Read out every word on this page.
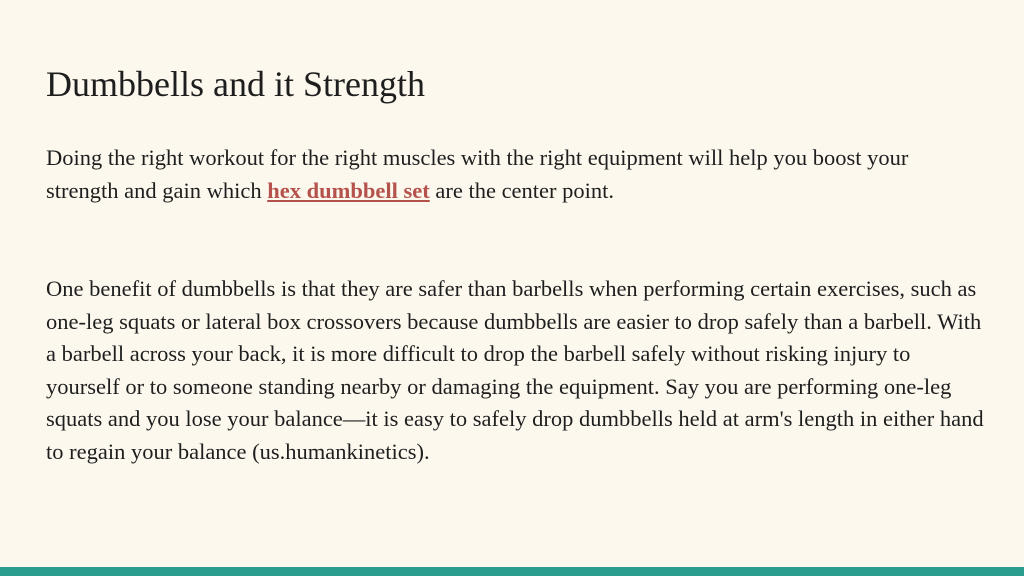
Dumbbells and it Strength

Doing the right workout for the right muscles with the right equipment will help you boost your strength and gain which hex dumbbell set are the center point.

One benefit of dumbbells is that they are safer than barbells when performing certain exercises, such as one-leg squats or lateral box crossovers because dumbbells are easier to drop safely than a barbell. With a barbell across your back, it is more difficult to drop the barbell safely without risking injury to yourself or to someone standing nearby or damaging the equipment. Say you are performing one-leg squats and you lose your balance—it is easy to safely drop dumbbells held at arm's length in either hand to regain your balance (us.humankinetics).
